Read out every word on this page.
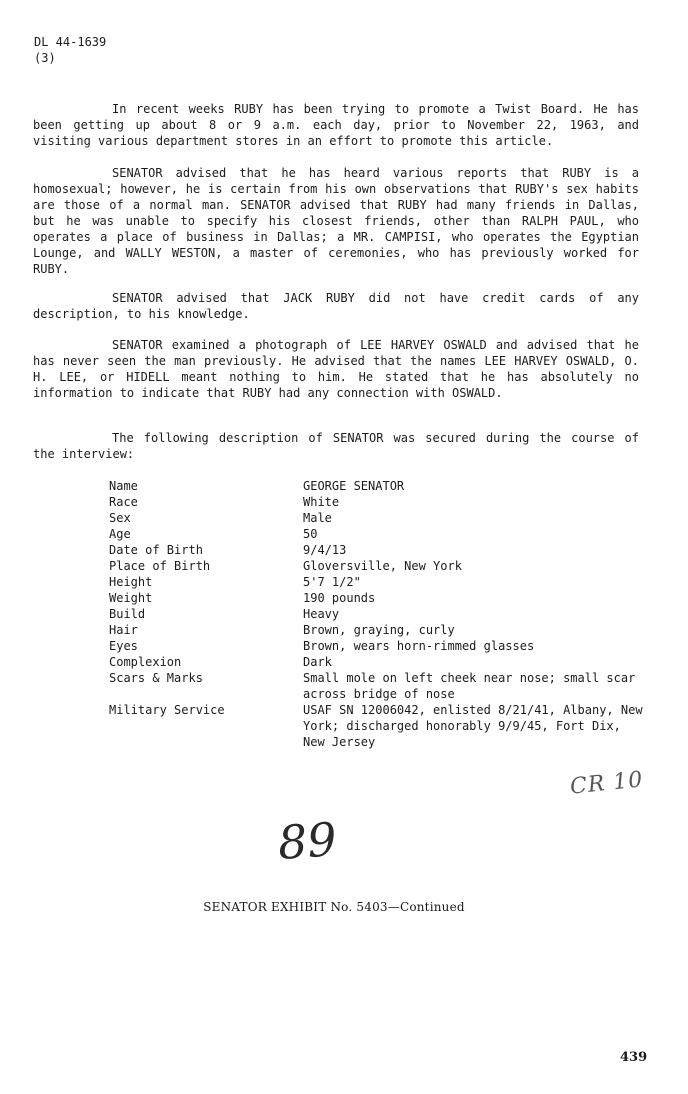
DL 44-1639
(3)

In recent weeks RUBY has been trying to promote a Twist Board. He has been getting up about 8 or 9 a.m. each day, prior to November 22, 1963, and visiting various department stores in an effort to promote this article.

SENATOR advised that he has heard various reports that RUBY is a homosexual; however, he is certain from his own observations that RUBY's sex habits are those of a normal man. SENATOR advised that RUBY had many friends in Dallas, but he was unable to specify his closest friends, other than RALPH PAUL, who operates a place of business in Dallas; a MR. CAMPISI, who operates the Egyptian Lounge, and WALLY WESTON, a master of ceremonies, who has previously worked for RUBY.

SENATOR advised that JACK RUBY did not have credit cards of any description, to his knowledge.

SENATOR examined a photograph of LEE HARVEY OSWALD and advised that he has never seen the man previously. He advised that the names LEE HARVEY OSWALD, O. H. LEE, or HIDELL meant nothing to him. He stated that he has absolutely no information to indicate that RUBY had any connection with OSWALD.

The following description of SENATOR was secured during the course of the interview:

Name	GEORGE SENATOR
Race	White
Sex	Male
Age	50
Date of Birth	9/4/13
Place of Birth	Gloversville, New York
Height	5'7 1/2"
Weight	190 pounds
Build	Heavy
Hair	Brown, graying, curly
Eyes	Brown, wears horn-rimmed glasses
Complexion	Dark
Scars & Marks	Small mole on left cheek near nose; small scar across bridge of nose
Military Service	USAF SN 12006042, enlisted 8/21/41, Albany, New York; discharged honorably 9/9/45, Fort Dix, New Jersey
CR 10
89
SENATOR EXHIBIT No. 5403—Continued
439
